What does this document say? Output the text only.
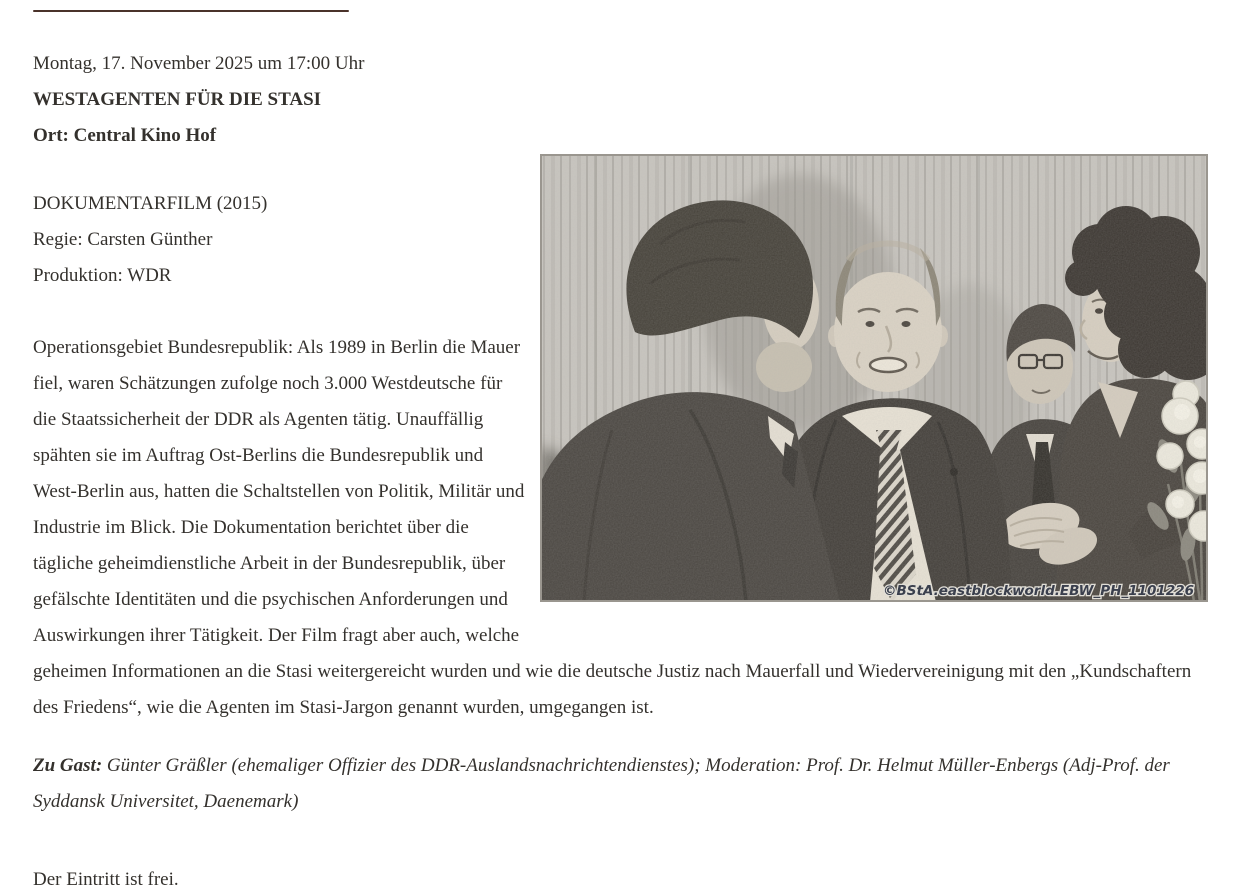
Montag, 17. November 2025 um 17:00 Uhr
WESTAGENTEN FÜR DIE STASI
Ort: Central Kino Hof

©BStA.eastblockworld.EBW_PH_1101226

DOKUMENTARFILM (2015)
Regie: Carsten Günther
Produktion: WDR

Operationsgebiet Bundesrepublik: Als 1989 in Berlin die Mauer fiel, waren Schätzungen zufolge noch 3.000 Westdeutsche für die Staatssicherheit der DDR als Agenten tätig. Unauffällig spähten sie im Auftrag Ost-Berlins die Bundesrepublik und West-Berlin aus, hatten die Schaltstellen von Politik, Militär und Industrie im Blick. Die Dokumentation berichtet über die tägliche geheimdienstliche Arbeit in der Bundesrepublik, über gefälschte Identitäten und die psychischen Anforderungen und Auswirkungen ihrer Tätigkeit. Der Film fragt aber auch, welche geheimen Informationen an die Stasi weitergereicht wurden und wie die deutsche Justiz nach Mauerfall und Wiedervereinigung mit den „Kundschaftern des Friedens“, wie die Agenten im Stasi-Jargon genannt wurden, umgegangen ist.

Zu Gast: Günter Gräßler (ehemaliger Offizier des DDR-Auslandsnachrichtendienstes); Moderation: Prof. Dr. Helmut Müller-Enbergs (Adj-Prof. der Syddansk Universitet, Daenemark)

Der Eintritt ist frei.
